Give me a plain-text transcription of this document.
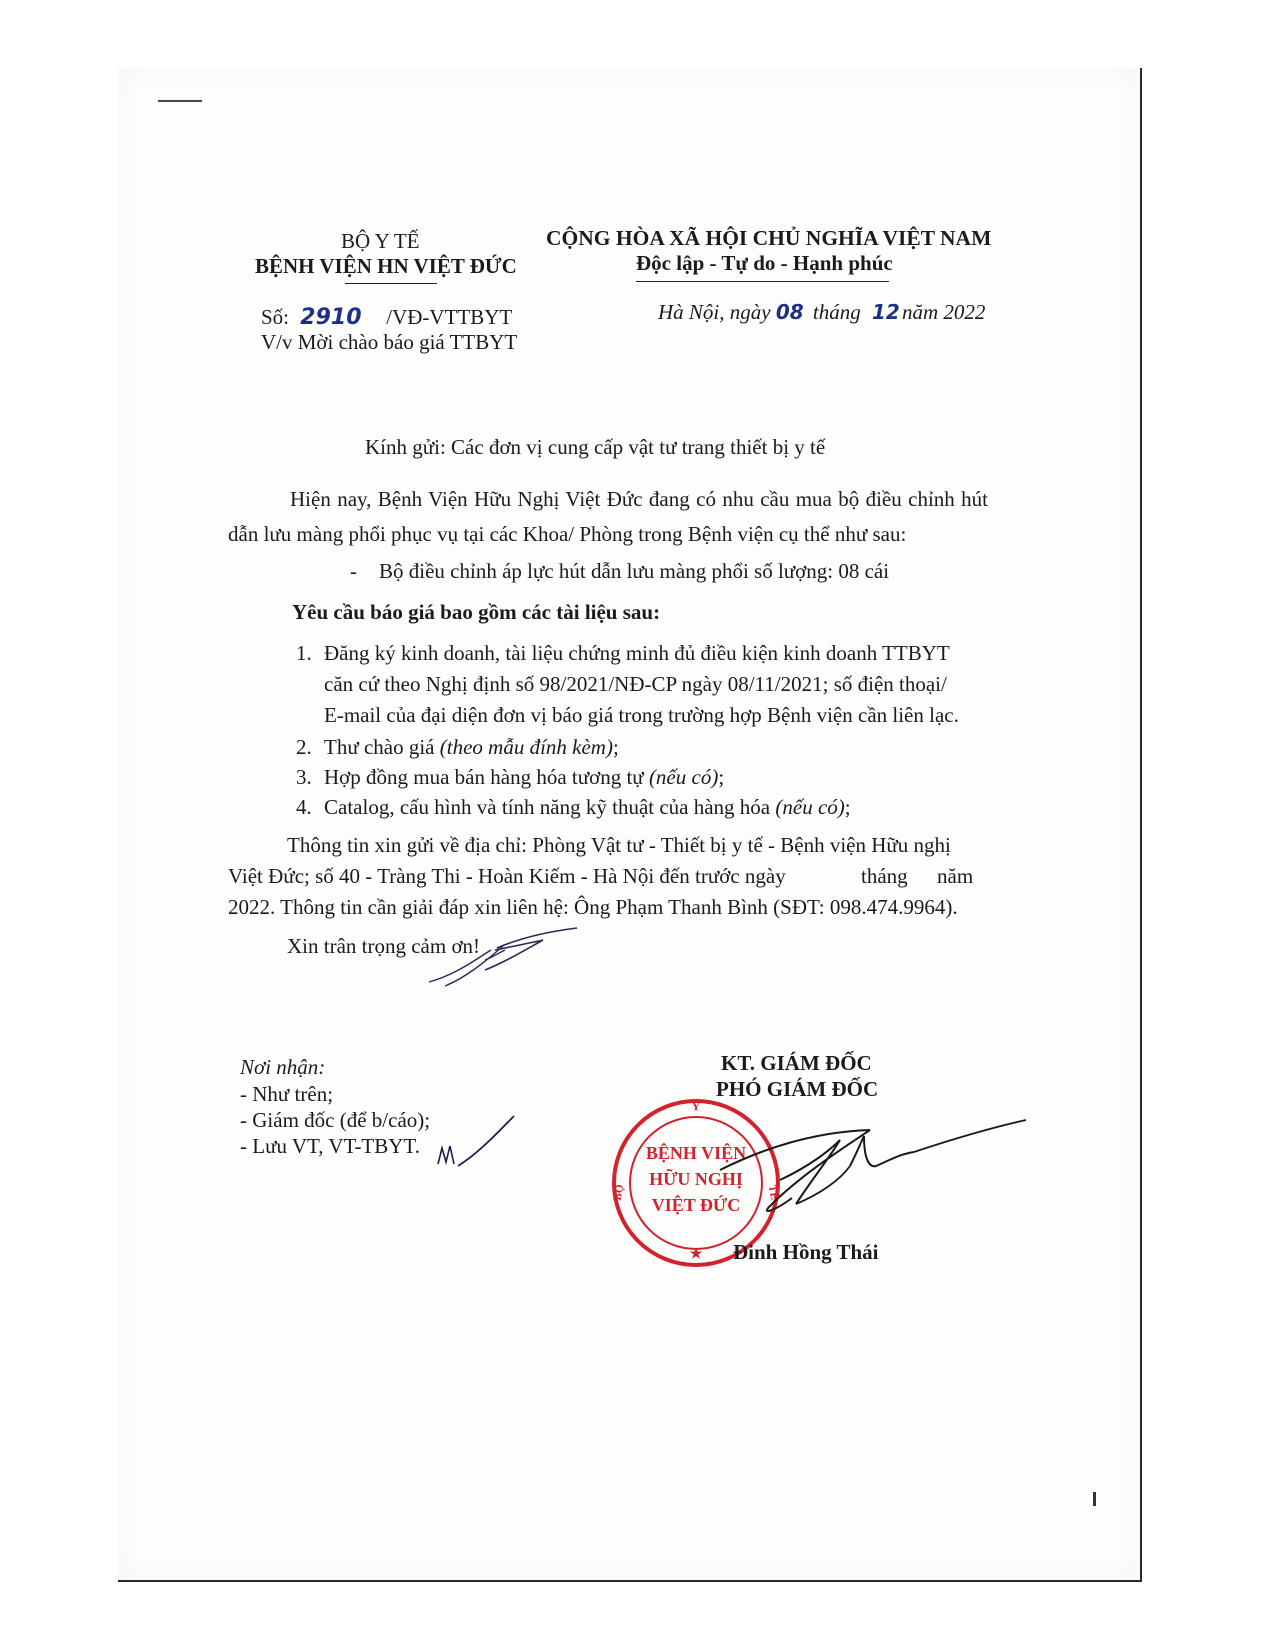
BỘ Y TẾ
BỆNH VIỆN HN VIỆT ĐỨC
CỘNG HÒA XÃ HỘI CHỦ NGHĨA VIỆT NAM
Độc lập - Tự do - Hạnh phúc
Số: 2910 /VĐ-VTTBYT
V/v Mời chào báo giá TTBYT
Hà Nội, ngày 08 tháng 12 năm 2022
Kính gửi: Các đơn vị cung cấp vật tư trang thiết bị y tế

Hiện nay, Bệnh Viện Hữu Nghị Việt Đức đang có nhu cầu mua bộ điều chỉnh hút dẫn lưu màng phổi phục vụ tại các Khoa/ Phòng trong Bệnh viện cụ thể như sau:

- Bộ điều chỉnh áp lực hút dẫn lưu màng phổi số lượng: 08 cái
Yêu cầu báo giá bao gồm các tài liệu sau:
1. Đăng ký kinh doanh, tài liệu chứng minh đủ điều kiện kinh doanh TTBYT
căn cứ theo Nghị định số 98/2021/NĐ-CP ngày 08/11/2021; số điện thoại/
E-mail của đại diện đơn vị báo giá trong trường hợp Bệnh viện cần liên lạc.
2. Thư chào giá (theo mẫu đính kèm);
3. Hợp đồng mua bán hàng hóa tương tự (nếu có);
4. Catalog, cấu hình và tính năng kỹ thuật của hàng hóa (nếu có);
Thông tin xin gửi về địa chỉ: Phòng Vật tư - Thiết bị y tế - Bệnh viện Hữu nghị
Việt Đức; số 40 - Tràng Thi - Hoàn Kiếm - Hà Nội đến trước ngày	tháng năm
2022. Thông tin cần giải đáp xin liên hệ: Ông Phạm Thanh Bình (SĐT: 098.474.9964).
Xin trân trọng cảm ơn!
Nơi nhận:
- Như trên;
- Giám đốc (để b/cáo);
- Lưu VT, VT-TBYT.
KT. GIÁM ĐỐC
PHÓ GIÁM ĐỐC
Y
BỘ	TẾ
BỆNH VIỆN
HỮU NGHỊ
VIỆT ĐỨC
★ Đinh Hồng Thái
